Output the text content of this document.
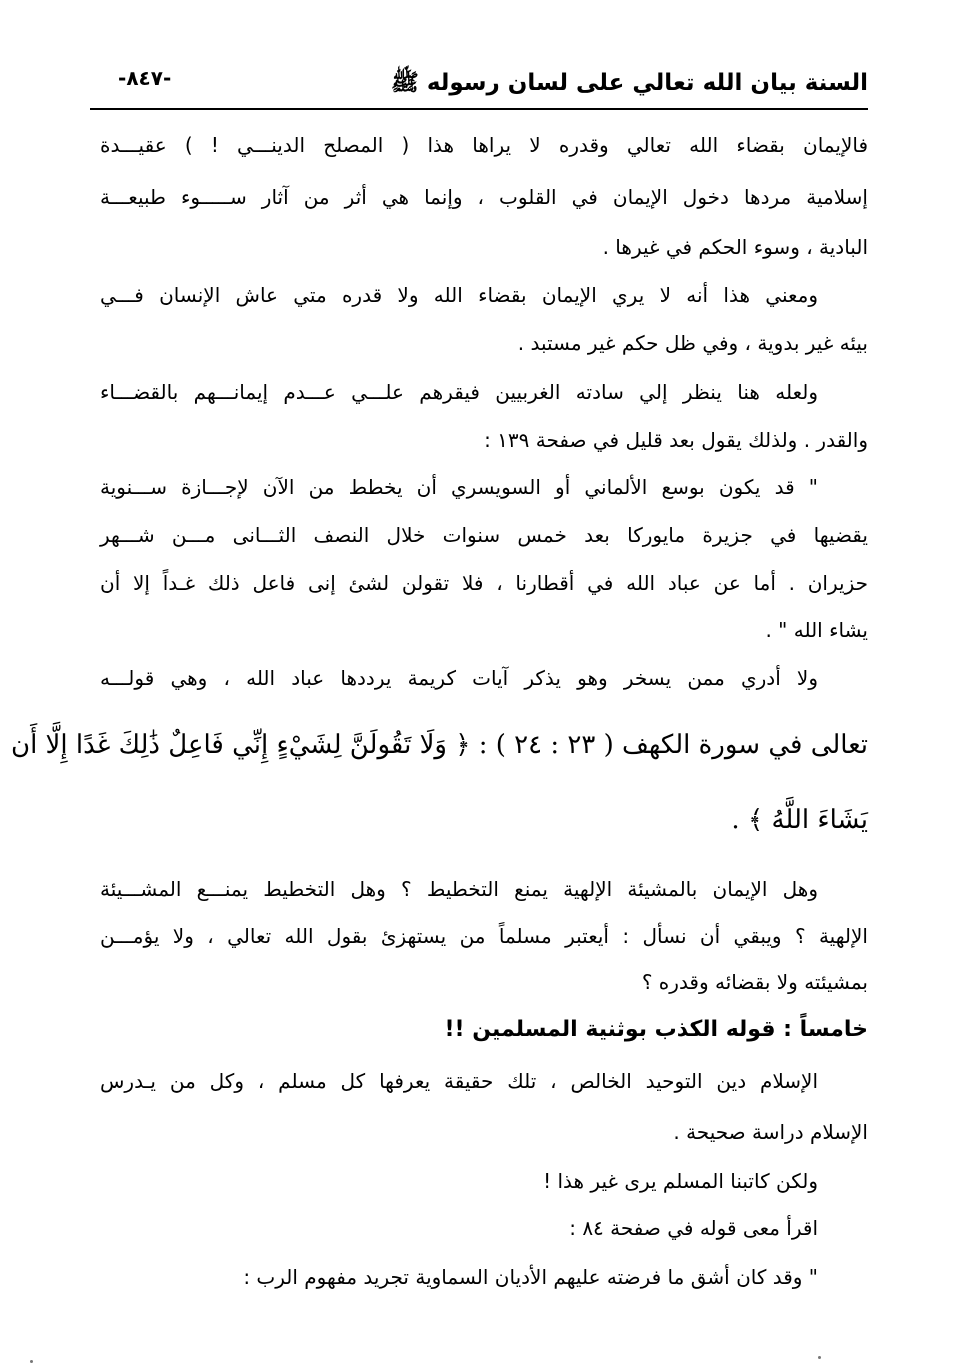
السنة بيان الله تعالي على لسان رسوله ﷺ
-٨٤٧-
فالإيمان بقضاء الله تعالي وقدره لا يراها هذا ( المصلح الدينـــي ! ) عقيـــدة
إسلامية مردها دخول الإيمان في القلوب ، وإنما هي أثر من آثار ســـــوء طبيعـــة
البادية ، وسوء الحكم في غيرها .
ومعني هذا أنه لا يري الإيمان بقضاء الله ولا قدره متي عاش الإنسان فـــي
بيئه غير بدوية ، وفي ظل حكم غير مستبد .
ولعله هنا ينظر إلي سادته الغربيين فيقرهم علـــي عـــدم إيمانـــهم بالقضـــاء
والقدر . ولذلك يقول بعد قليل في صفحة ١٣٩ :
" قد يكون بوسع الألماني أو السويسري أن يخطط من الآن لإجـــازة ســـنوية
يقضيها في جزيرة مايوركا بعد خمس سنوات خلال النصف الثـــانى مـــن شـــهر
حزيران . أما عن عباد الله في أقطارنا ، فلا تقولن لشئ إنى فاعل ذلك غـداً إلا أن
يشاء الله " .
ولا أدري ممن يسخر وهو يذكر آيات كريمة يرددها عباد الله ، وهي قولـــه
تعالى في سورة الكهف ( ٢٣ : ٢٤ ) : ﴿ وَلَا تَقُولَنَّ لِشَيْءٍ إِنِّي فَاعِلٌ ذَٰلِكَ غَدًا إِلَّا أَن
يَشَاءَ اللَّهُ ﴾ .
وهل الإيمان بالمشيئة الإلهية يمنع التخطيط ؟ وهل التخطيط يمنـــع المشـــيئة
الإلهية ؟ ويبقي أن نسأل : أيعتبر مسلماً من يستهزئ بقول الله تعالي ، ولا يؤمـــن
بمشيئته ولا بقضائه وقدره ؟
خامساً : قوله الكذب بوثنية المسلمين !!
الإسلام دين التوحيد الخالص ، تلك حقيقة يعرفها كل مسلم ، وكل من يـدرس
الإسلام دراسة صحيحة .
ولكن كاتبنا المسلم يرى غير هذا !
اقرأ معى قوله في صفحة ٨٤ :
" وقد كان أشق ما فرضته عليهم الأديان السماوية تجريد مفهوم الرب :
